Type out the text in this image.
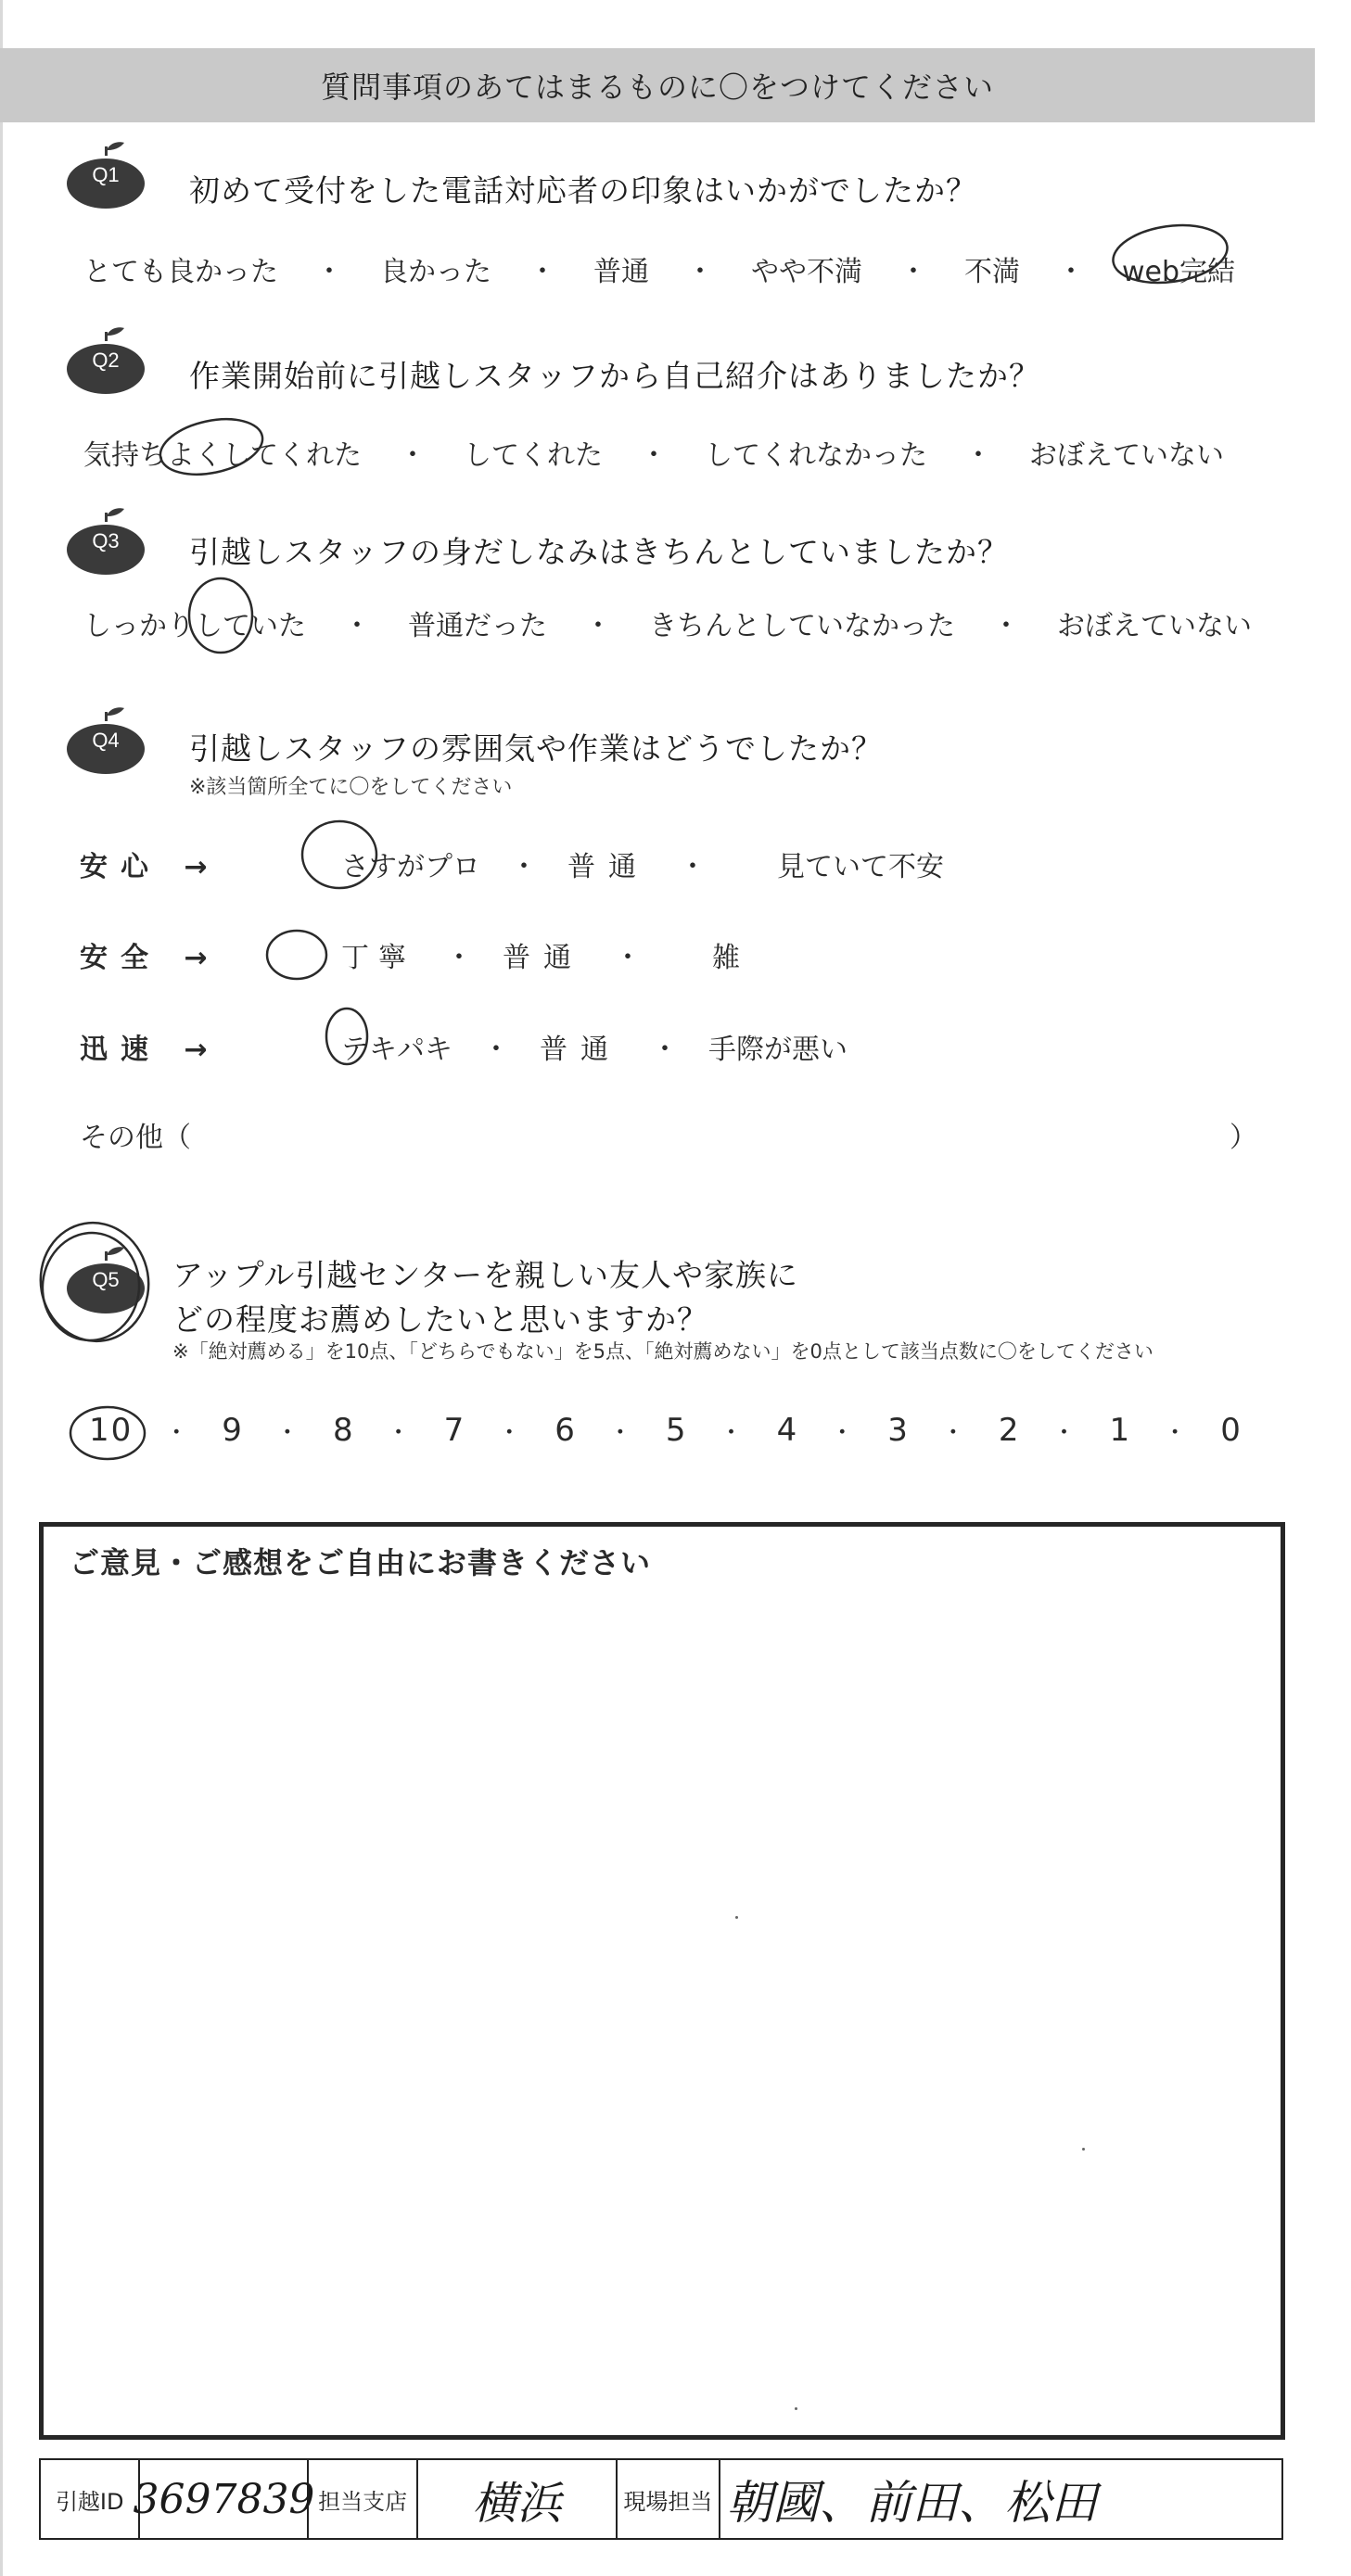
質問事項のあてはまるものに〇をつけてください
Q1	初めて受付をした電話対応者の印象はいかがでしたか？
とても良かった ・ 良かった ・ 普通 ・ やや不満 ・ 不満 ・ web完結
Q2	作業開始前に引越しスタッフから自己紹介はありましたか？
気持ちよくしてくれた ・ してくれた ・ してくれなかった ・ おぼえていない
Q3	引越しスタッフの身だしなみはきちんとしていましたか？
しっかりしていた ・ 普通だった ・ きちんとしていなかった ・ おぼえていない
Q4	引越しスタッフの雰囲気や作業はどうでしたか？
※該当箇所全てに〇をしてください
安心 →	さすがプロ ・ 普通 ・	見ていて不安
安全 →	丁寧 ・ 普通 ・	雑
迅速 →	テキパキ ・ 普通 ・ 手際が悪い
その他（	）
Q5	アップル引越センターを親しい友人や家族に
どの程度お薦めしたいと思いますか？
※「絶対薦める」を10点、「どちらでもない」を5点、「絶対薦めない」を0点として該当点数に〇をしてください
10 ・ 9 ・ 8 ・ 7 ・ 6 ・ 5 ・ 4 ・ 3 ・ 2 ・ 1 ・ 0
ご意見・ご感想をご自由にお書きください
引越ID 3697839 担当支店	横浜	現場担当 朝國、前田、松田
